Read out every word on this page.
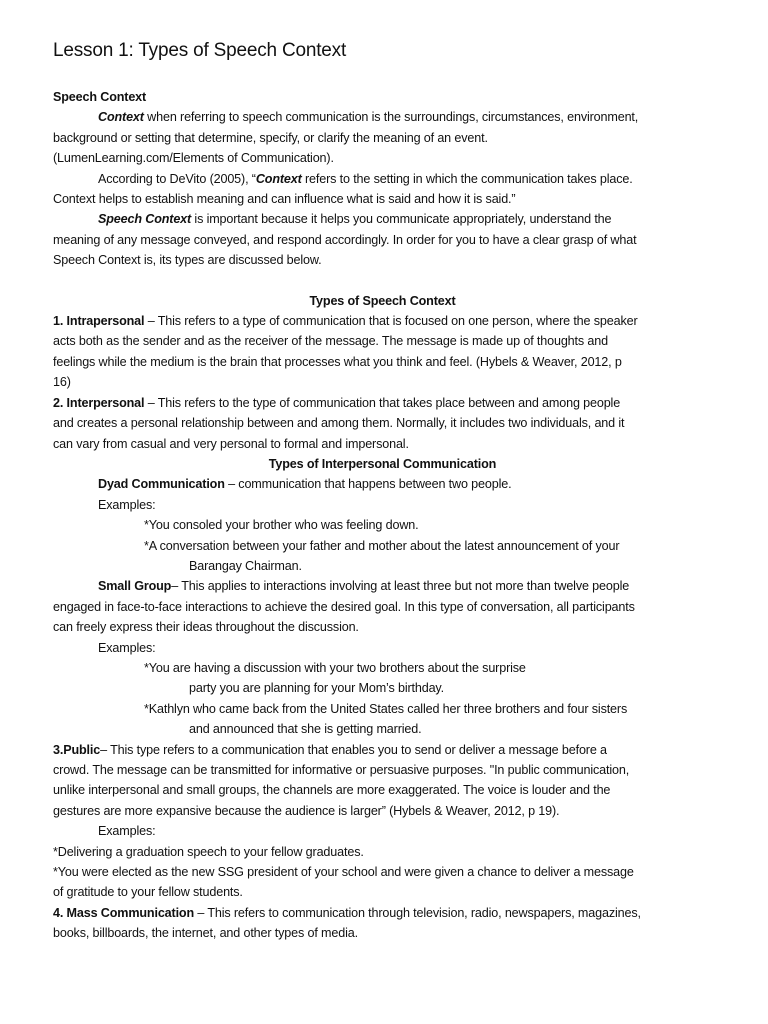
Lesson 1: Types of Speech Context
Speech Context
Context when referring to speech communication is the surroundings, circumstances, environment,
background or setting that determine, specify, or clarify the meaning of an event.
(LumenLearning.com/Elements of Communication).
According to DeVito (2005), “Context refers to the setting in which the communication takes place.
Context helps to establish meaning and can influence what is said and how it is said.”
Speech Context is important because it helps you communicate appropriately, understand the
meaning of any message conveyed, and respond accordingly. In order for you to have a clear grasp of what
Speech Context is, its types are discussed below.
Types of Speech Context
1. Intrapersonal – This refers to a type of communication that is focused on one person, where the speaker
acts both as the sender and as the receiver of the message. The message is made up of thoughts and
feelings while the medium is the brain that processes what you think and feel. (Hybels & Weaver, 2012, p
16)
2. Interpersonal – This refers to the type of communication that takes place between and among people
and creates a personal relationship between and among them. Normally, it includes two individuals, and it
can vary from casual and very personal to formal and impersonal.
Types of Interpersonal Communication
Dyad Communication – communication that happens between two people.
Examples:
*You consoled your brother who was feeling down.
*A conversation between your father and mother about the latest announcement of your
Barangay Chairman.
Small Group– This applies to interactions involving at least three but not more than twelve people
engaged in face-to-face interactions to achieve the desired goal. In this type of conversation, all participants
can freely express their ideas throughout the discussion.
Examples:
*You are having a discussion with your two brothers about the surprise
party you are planning for your Mom’s birthday.
*Kathlyn who came back from the United States called her three brothers and four sisters
and announced that she is getting married.
3.Public– This type refers to a communication that enables you to send or deliver a message before a
crowd. The message can be transmitted for informative or persuasive purposes. "In public communication,
unlike interpersonal and small groups, the channels are more exaggerated. The voice is louder and the
gestures are more expansive because the audience is larger” (Hybels & Weaver, 2012, p 19).
Examples:
*Delivering a graduation speech to your fellow graduates.
*You were elected as the new SSG president of your school and were given a chance to deliver a message
of gratitude to your fellow students.
4. Mass Communication – This refers to communication through television, radio, newspapers, magazines,
books, billboards, the internet, and other types of media.
